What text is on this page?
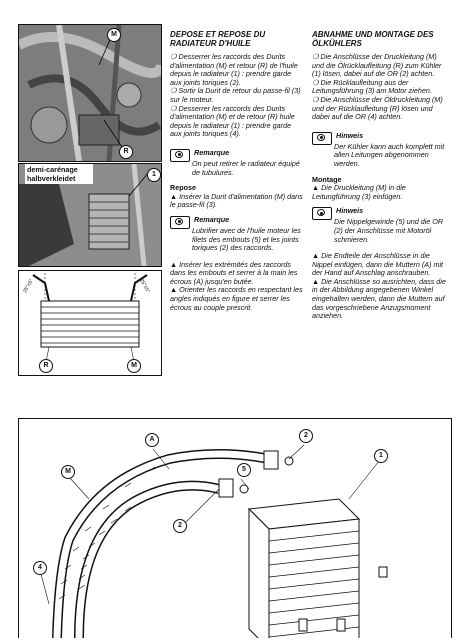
M
R
demi-carénage halbverkleidet	1
25°±5°	25°±5°
R	M
DEPOSE ET REPOSE DU RADIATEUR D'HUILE
❍ Desserrer les raccords des Durits d'alimentation (M) et retour (R) de l'huile depuis le radiateur (1) : prendre garde aux joints toriques (2).
❍ Sortir la Durit de retour du passe-fil (3) sur le moteur.
❍ Desserrer les raccords des Durits d'alimentation (M) et de retour (R) huile depuis le radiateur (1) : prendre garde aux joints toriques (4).
Remarque
On peut retirer le radiateur équipé de tubulures.
Repose
▲ Insérer la Durit d'alimentation (M) dans le passe-fil (3).
Remarque
Lubrifier avec de l'huile moteur les filets des embouts (5) et les joints toriques (2) des raccords.
▲ Insérer les extrémités des raccords dans les embouts et serrer à la main les écrous (A) jusqu'en butée.
▲ Orienter les raccords en respectant les angles indiqués en figure et serrer les écrous au couple prescrit.
ABNAHME UND MONTAGE DES ÖLKÜHLERS
❍ Die Anschlüsse der Druckleitung (M) und die Ölrücklaufleitung (R) zum Kühler (1) lösen, dabei auf die OR (2) achten.
❍ Die Rücklaufleitung aus der Leitungsführung (3) am Motor ziehen.
❍ Die Anschlüsse der Öldruckleitung (M) und der Rücklaufleitung (R) lösen und dabei auf die OR (4) achten.
Hinweis
Der Kühler kann auch komplett mit allen Leitungen abgenommen werden.
Montage
▲ Die Druckleitung (M) in die Leitungführung (3) einfügen.
Hinweis
Die Nippelgewinde (5) und die OR (2) der Anschlüsse mit Motoröl schmieren.
▲ Die Endteile der Anschlüsse in die Nippel einfügen, dann die Muttern (A) mit der Hand auf Anschlag anschrauben.
▲ Die Anschlüsse so ausrichten, dass die in der Abbildung angegebenen Winkel eingehalten werden, dann die Muttern auf das vorgeschriebene Anzugsmoment anziehen.
A
2
1
5
M
2
4
